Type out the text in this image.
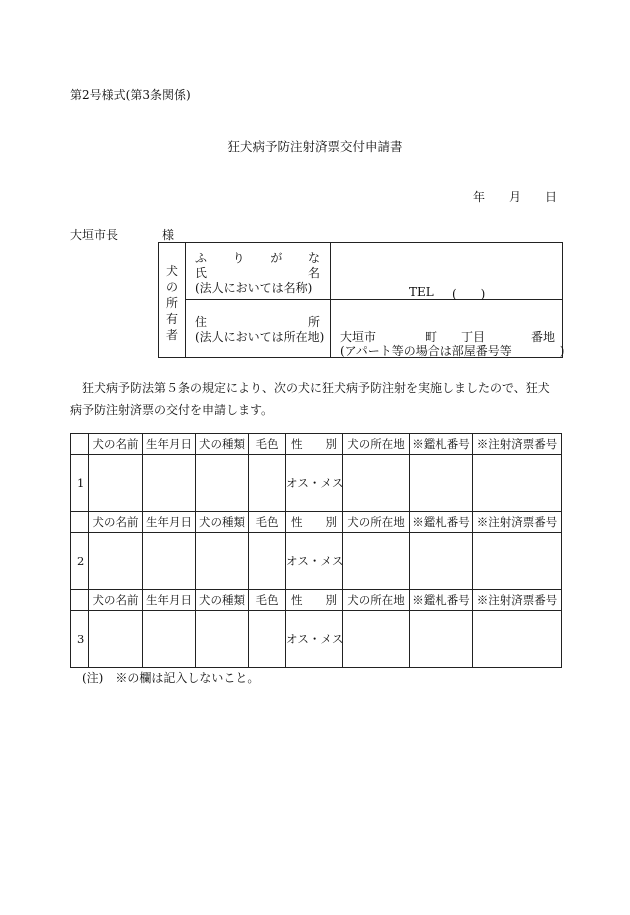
第2号様式(第3条関係)
狂犬病予防注射済票交付申請書
年 月 日
大垣市長	様
犬
の
所
有
者
ふ り が な
氏	名
(法人においては名称)	TEL (　　)
住	所
(法人においては所在地) 大垣市	町 丁目	番地
(アパート等の場合は部屋番号等　　　　)
狂犬病予防法第５条の規定により、次の犬に狂犬病予防注射を実施しましたので、狂犬病予防注射済票の交付を申請します。
	犬の名前	生年月日	犬の種類	毛色	性　　別	犬の所在地	※鑑札番号	※注射済票番号
1					オス・メス			
	犬の名前	生年月日	犬の種類	毛色	性　　別	犬の所在地	※鑑札番号	※注射済票番号
2					オス・メス			
	犬の名前	生年月日	犬の種類	毛色	性　　別	犬の所在地	※鑑札番号	※注射済票番号
3					オス・メス			
(注)　※の欄は記入しないこと。
